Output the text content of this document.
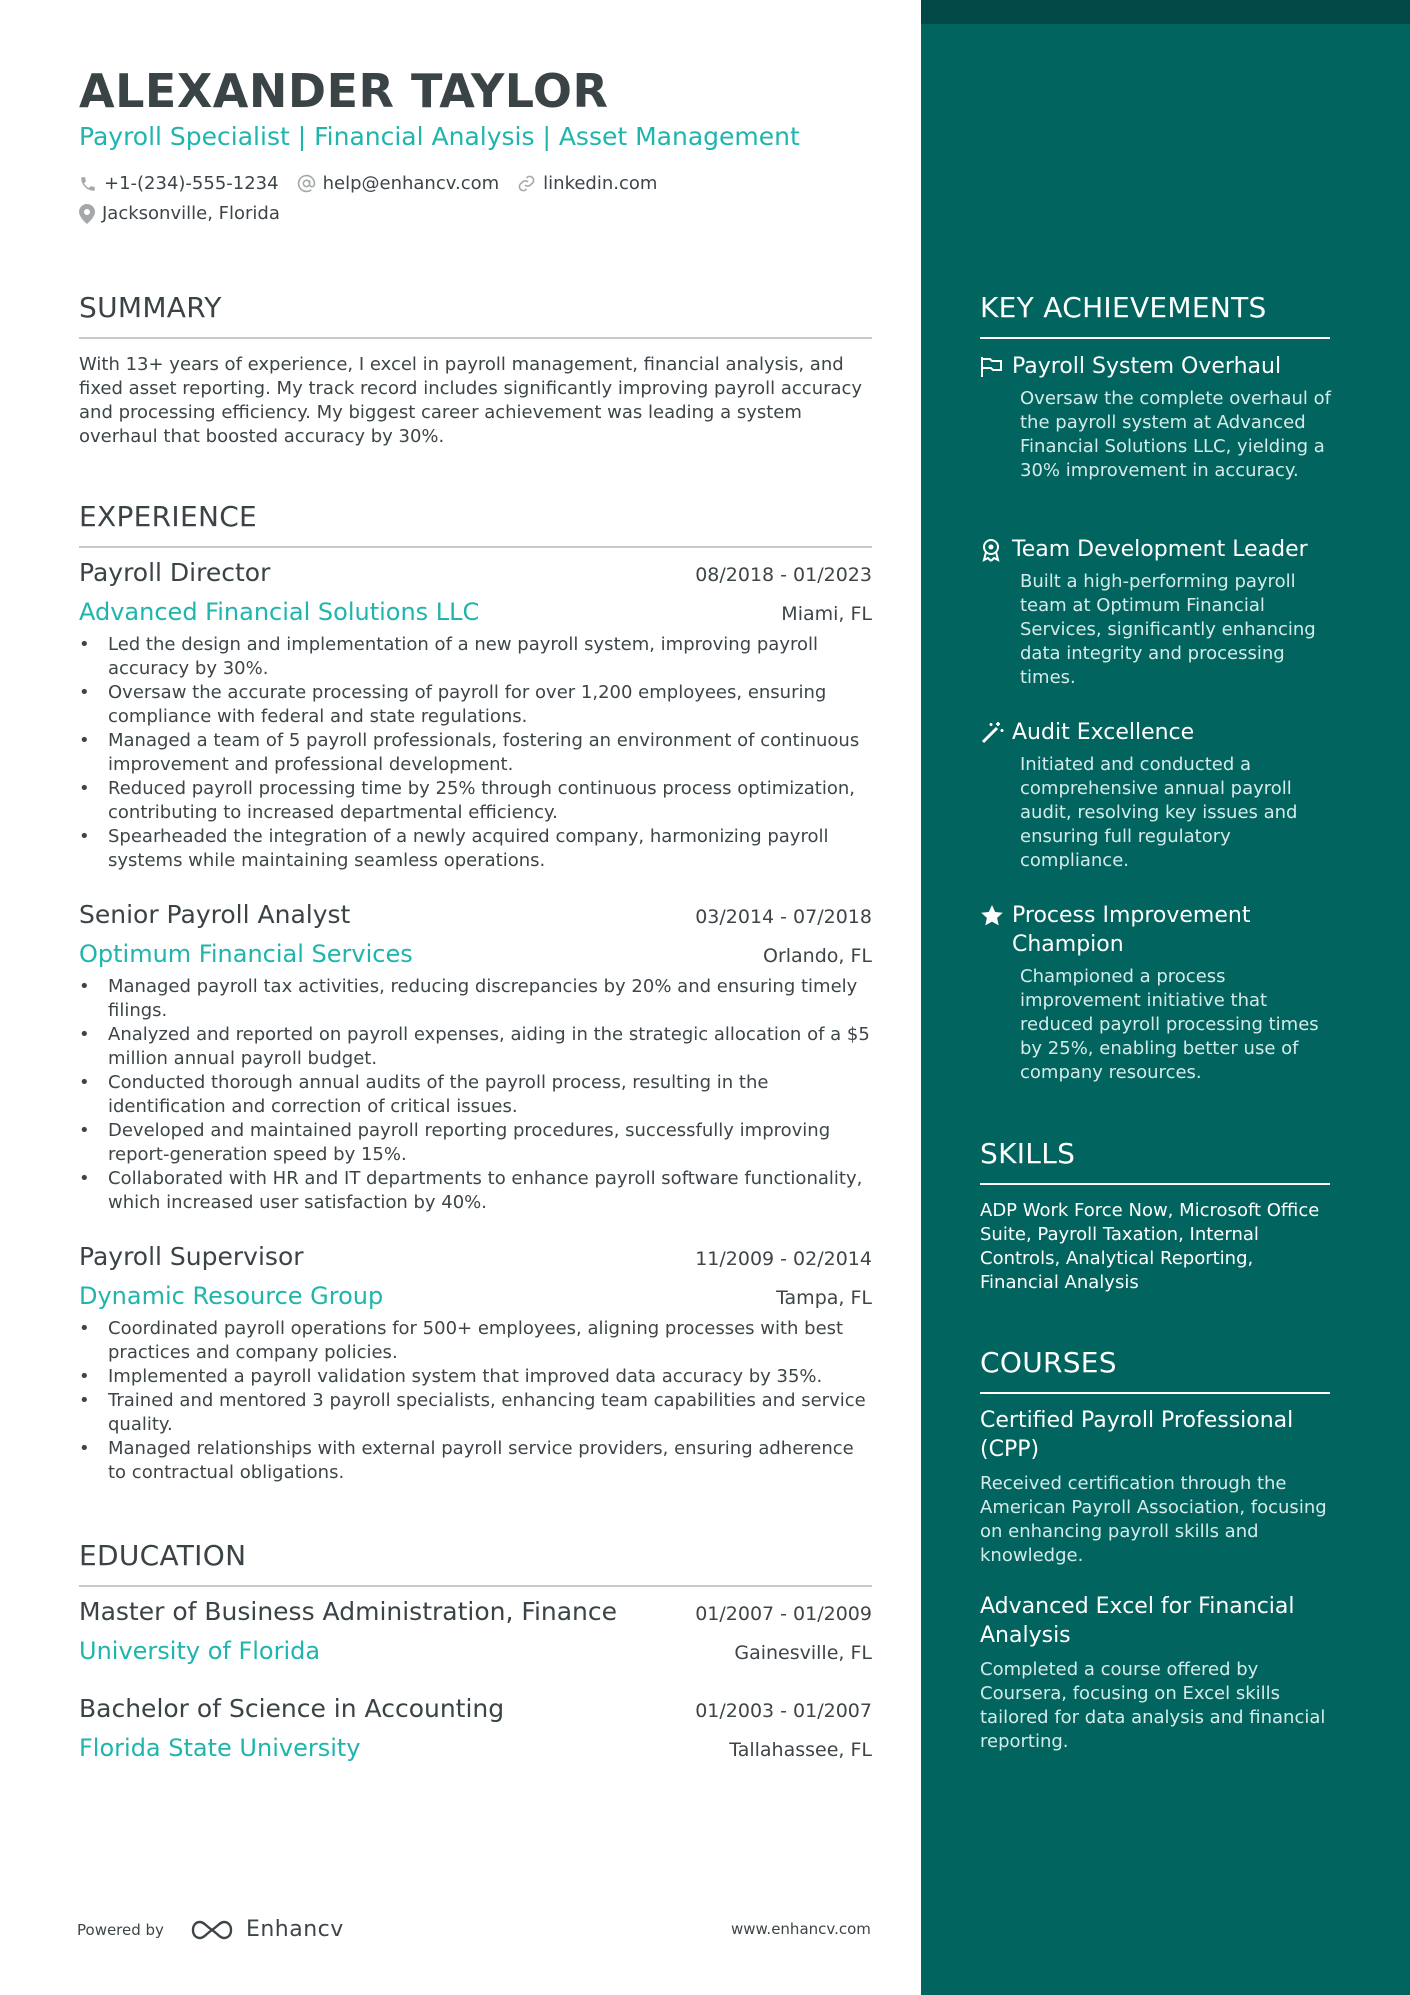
ALEXANDER TAYLOR
Payroll Specialist | Financial Analysis | Asset Management
+1-(234)-555-1234 help@enhancv.com linkedin.com
Jacksonville, Florida
SUMMARY
With 13+ years of experience, I excel in payroll management, financial analysis, and fixed asset reporting. My track record includes significantly improving payroll accuracy and processing efficiency. My biggest career achievement was leading a system overhaul that boosted accuracy by 30%.
EXPERIENCE
Payroll Director	08/2018 - 01/2023
Advanced Financial Solutions LLC	Miami, FL
• Led the design and implementation of a new payroll system, improving payroll accuracy by 30%.
• Oversaw the accurate processing of payroll for over 1,200 employees, ensuring compliance with federal and state regulations.
• Managed a team of 5 payroll professionals, fostering an environment of continuous improvement and professional development.
• Reduced payroll processing time by 25% through continuous process optimization, contributing to increased departmental efficiency.
• Spearheaded the integration of a newly acquired company, harmonizing payroll systems while maintaining seamless operations.
Senior Payroll Analyst	03/2014 - 07/2018
Optimum Financial Services	Orlando, FL
• Managed payroll tax activities, reducing discrepancies by 20% and ensuring timely filings.
• Analyzed and reported on payroll expenses, aiding in the strategic allocation of a $5 million annual payroll budget.
• Conducted thorough annual audits of the payroll process, resulting in the identification and correction of critical issues.
• Developed and maintained payroll reporting procedures, successfully improving report-generation speed by 15%.
• Collaborated with HR and IT departments to enhance payroll software functionality, which increased user satisfaction by 40%.
Payroll Supervisor	11/2009 - 02/2014
Dynamic Resource Group	Tampa, FL
• Coordinated payroll operations for 500+ employees, aligning processes with best practices and company policies.
• Implemented a payroll validation system that improved data accuracy by 35%.
• Trained and mentored 3 payroll specialists, enhancing team capabilities and service quality.
• Managed relationships with external payroll service providers, ensuring adherence to contractual obligations.
EDUCATION
Master of Business Administration, Finance	01/2007 - 01/2009
University of Florida	Gainesville, FL
Bachelor of Science in Accounting	01/2003 - 01/2007
Florida State University	Tallahassee, FL
Powered by	Enhancv	www.enhancv.com
KEY ACHIEVEMENTS
Payroll System Overhaul
Oversaw the complete overhaul of the payroll system at Advanced Financial Solutions LLC, yielding a 30% improvement in accuracy.
Team Development Leader
Built a high-performing payroll team at Optimum Financial Services, significantly enhancing data integrity and processing times.
Audit Excellence
Initiated and conducted a comprehensive annual payroll audit, resolving key issues and ensuring full regulatory compliance.
Process Improvement Champion
Championed a process improvement initiative that reduced payroll processing times by 25%, enabling better use of company resources.
SKILLS
ADP Work Force Now, Microsoft Office Suite, Payroll Taxation, Internal Controls, Analytical Reporting, Financial Analysis
COURSES
Certified Payroll Professional (CPP)
Received certification through the American Payroll Association, focusing on enhancing payroll skills and knowledge.
Advanced Excel for Financial Analysis
Completed a course offered by Coursera, focusing on Excel skills tailored for data analysis and financial reporting.
